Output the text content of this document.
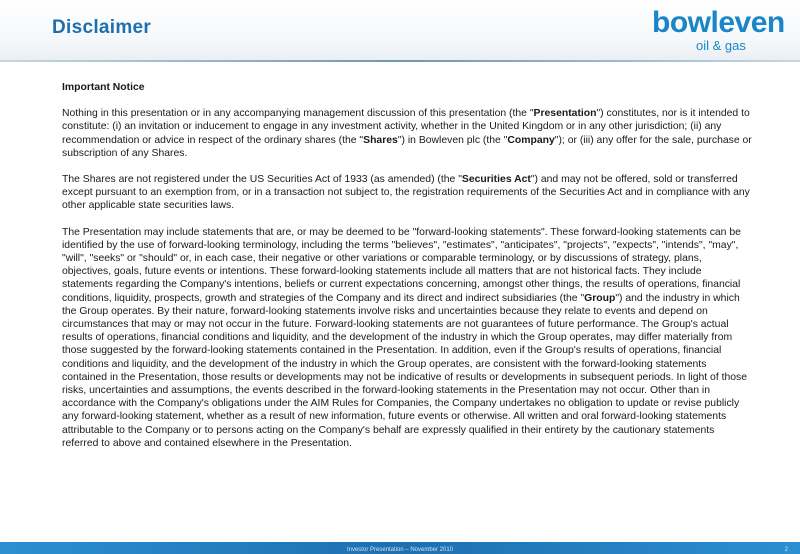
Disclaimer	bowleven
oil & gas

Important Notice

Nothing in this presentation or in any accompanying management discussion of this presentation (the "Presentation") constitutes, nor is it intended to constitute: (i) an invitation or inducement to engage in any investment activity, whether in the United Kingdom or in any other jurisdiction; (ii) any recommendation or advice in respect of the ordinary shares (the "Shares") in Bowleven plc (the "Company"); or (iii) any offer for the sale, purchase or subscription of any Shares.

The Shares are not registered under the US Securities Act of 1933 (as amended) (the "Securities Act") and may not be offered, sold or transferred except pursuant to an exemption from, or in a transaction not subject to, the registration requirements of the Securities Act and in compliance with any other applicable state securities laws.

The Presentation may include statements that are, or may be deemed to be "forward-looking statements". These forward-looking statements can be identified by the use of forward-looking terminology, including the terms "believes", "estimates", "anticipates", "projects", "expects", "intends", "may", "will", "seeks" or "should" or, in each case, their negative or other variations or comparable terminology, or by discussions of strategy, plans, objectives, goals, future events or intentions. These forward-looking statements include all matters that are not historical facts. They include statements regarding the Company's intentions, beliefs or current expectations concerning, amongst other things, the results of operations, financial conditions, liquidity, prospects, growth and strategies of the Company and its direct and indirect subsidiaries (the "Group") and the industry in which the Group operates. By their nature, forward-looking statements involve risks and uncertainties because they relate to events and depend on circumstances that may or may not occur in the future. Forward-looking statements are not guarantees of future performance. The Group's actual results of operations, financial conditions and liquidity, and the development of the industry in which the Group operates, may differ materially from those suggested by the forward-looking statements contained in the Presentation. In addition, even if the Group's results of operations, financial conditions and liquidity, and the development of the industry in which the Group operates, are consistent with the forward-looking statements contained in the Presentation, those results or developments may not be indicative of results or developments in subsequent periods. In light of those risks, uncertainties and assumptions, the events described in the forward-looking statements in the Presentation may not occur. Other than in accordance with the Company's obligations under the AIM Rules for Companies, the Company undertakes no obligation to update or revise publicly any forward-looking statement, whether as a result of new information, future events or otherwise. All written and oral forward-looking statements attributable to the Company or to persons acting on the Company's behalf are expressly qualified in their entirety by the cautionary statements referred to above and contained elsewhere in the Presentation.

Investor Presentation – November 2010	2
